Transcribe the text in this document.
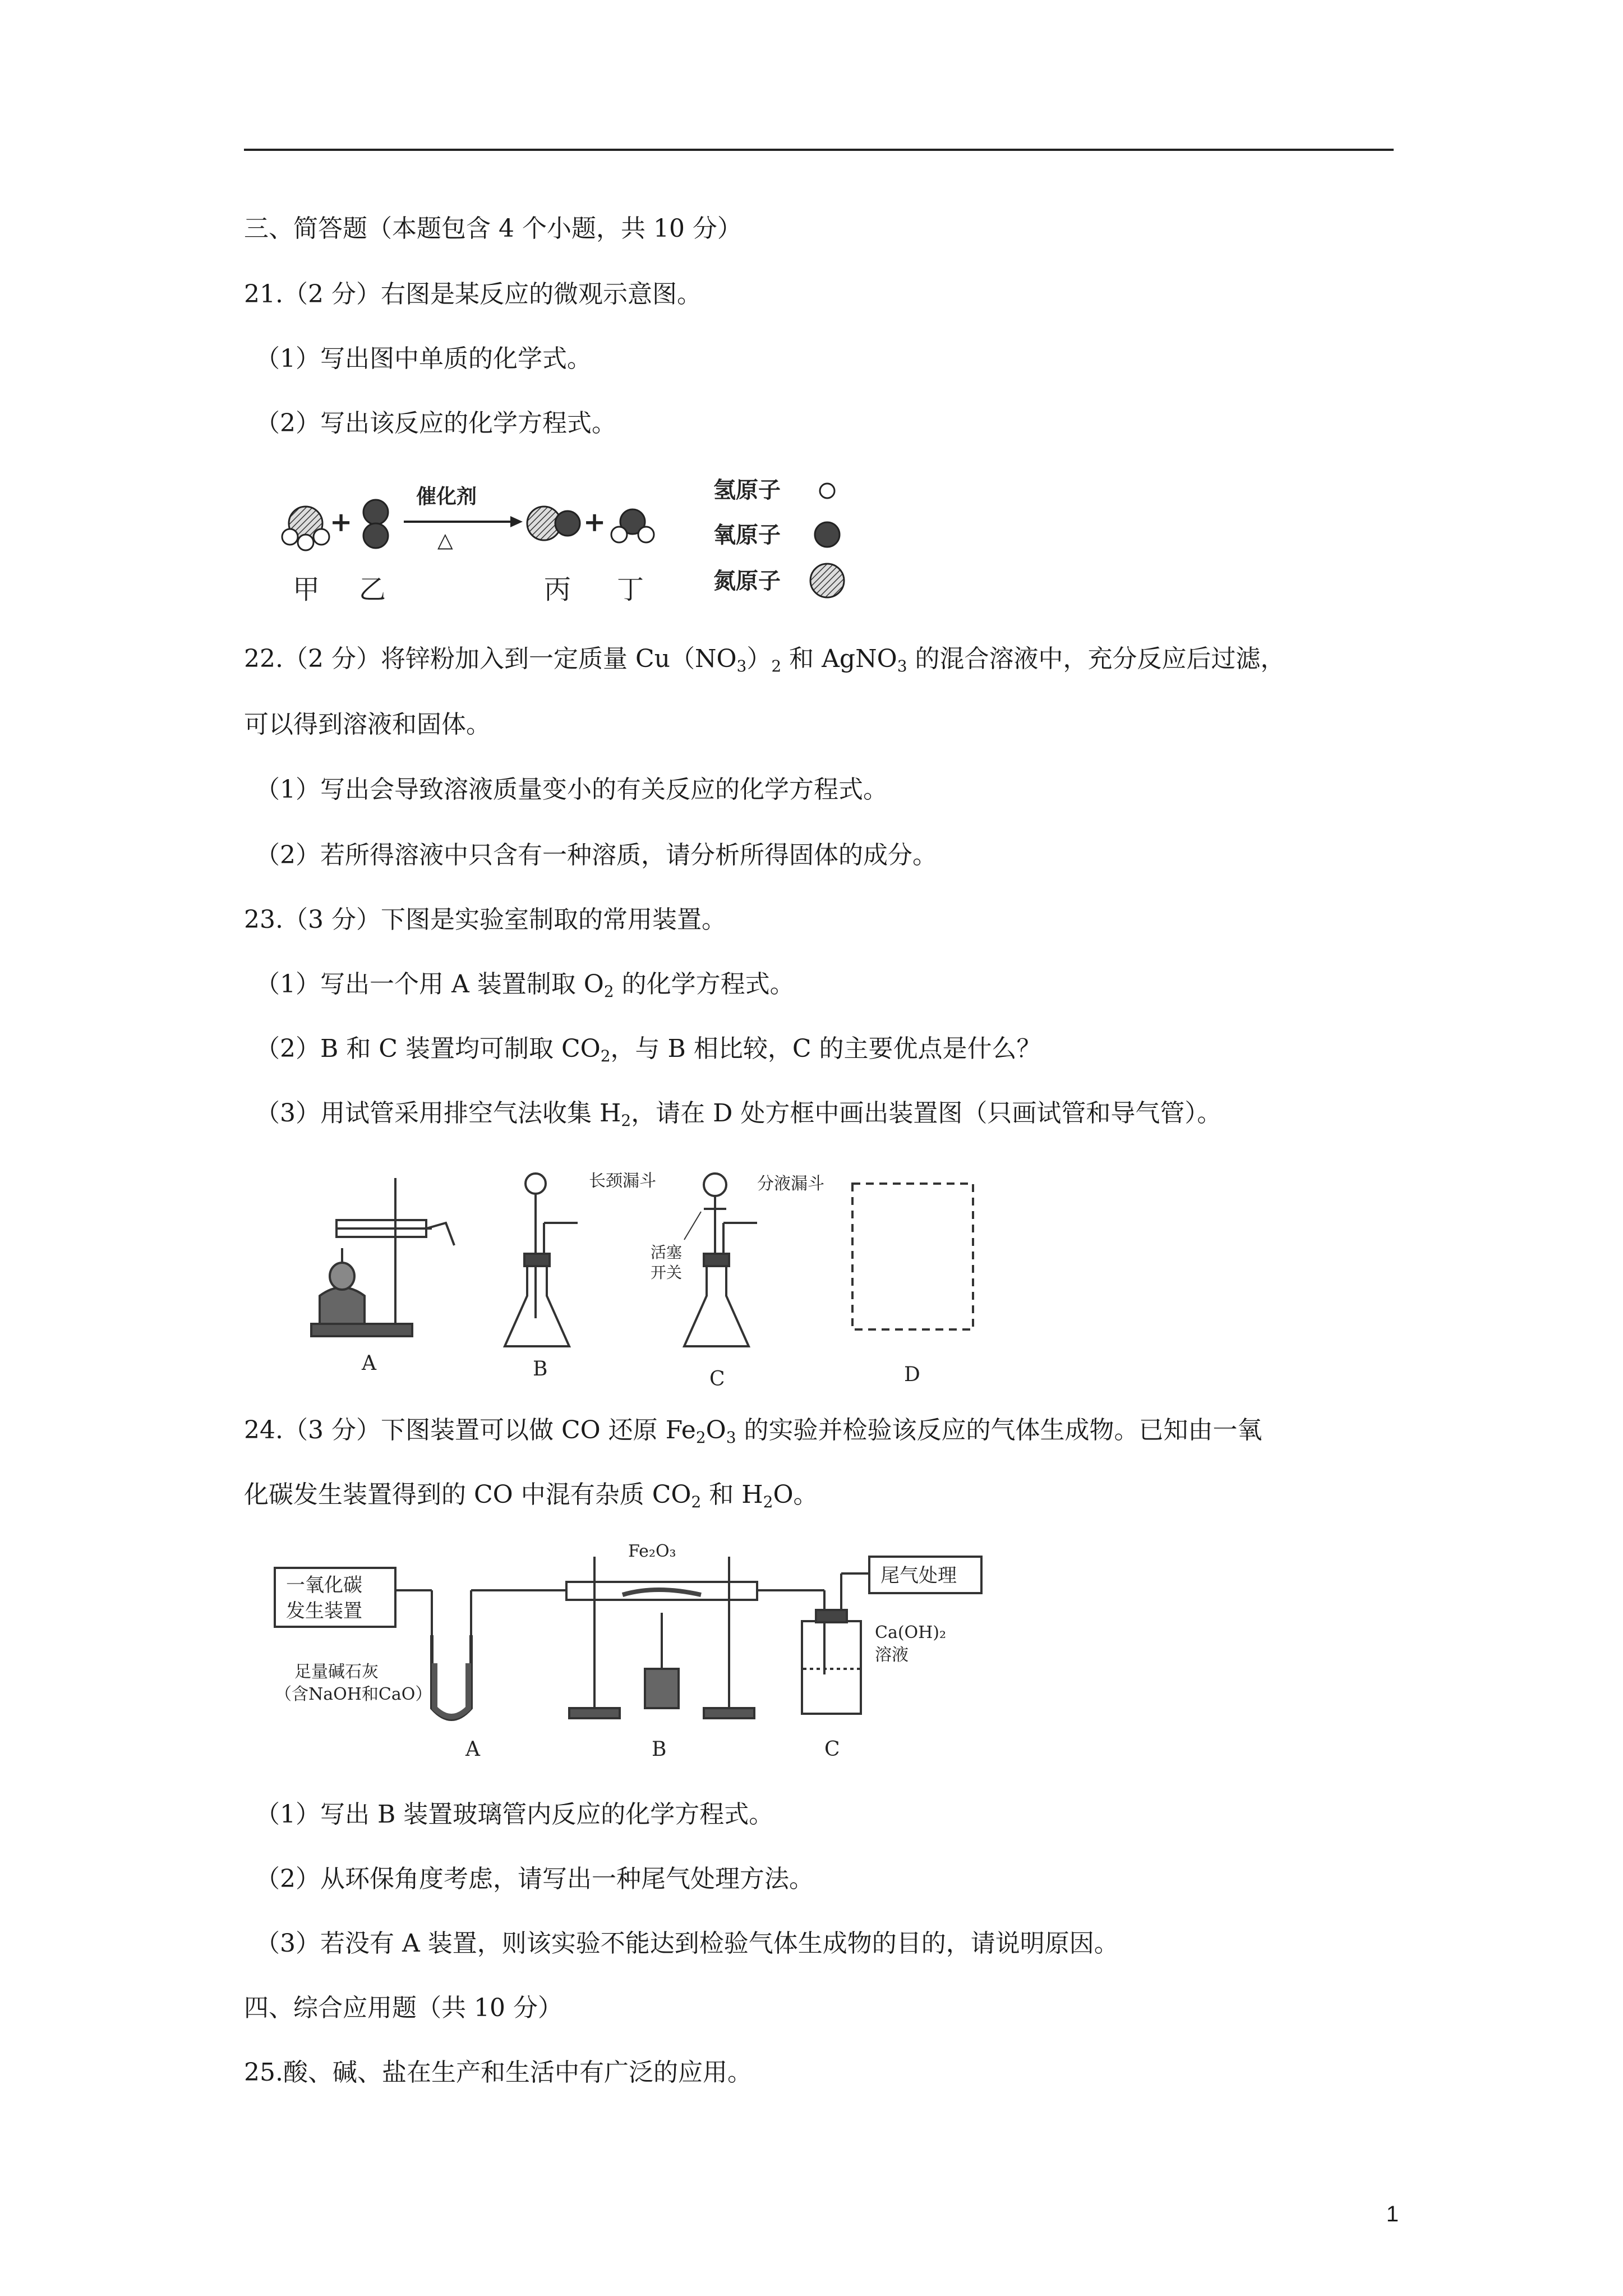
三、简答题（本题包含 4 个小题，共 10 分）
21.（2 分）右图是某反应的微观示意图。
（1）写出图中单质的化学式。
（2）写出该反应的化学方程式。
+
催化剂
△
+
甲 乙	丙 丁
氢原子
氧原子
氮原子
22.（2 分）将锌粉加入到一定质量 $Cu(NO_3)_2$ 和 AgNO$_3$ 的混合溶液中，充分反应后过滤，
可以得到溶液和固体。
（1）写出会导致溶液质量变小的有关反应的化学方程式。
（2）若所得溶液中只含有一种溶质，请分析所得固体的成分。
23.（3 分）下图是实验室制取的常用装置。
（1）写出一个用 A 装置制取 $O_2$ 的化学方程式。
（2）B 和 C 装置均可制取 $CO_2$，与 B 相比较，C 的主要优点是什么？
（3）用试管采用排空气法收集 $H_2$，请在 D 处方框中画出装置图（只画试管和导气管）。
长颈漏斗	分液漏斗
活塞
开关
A	B	C	D
24.（3 分）下图装置可以做 CO 还原 $Fe_2O_3$ 的实验并检验该反应的气体生成物。已知由一氧
化碳发生装置得到的 CO 中混有杂质 $CO_2$ 和 $H_2O$。
一氧化碳
发生装置
Fe₂O₃
尾气处理
足量碱石灰
（含NaOH和CaO）
Ca(OH)₂
溶液
A	B	C
（1）写出 B 装置玻璃管内反应的化学方程式。
（2）从环保角度考虑，请写出一种尾气处理方法。
（3）若没有 A 装置，则该实验不能达到检验气体生成物的目的，请说明原因。
四、综合应用题（共 10 分）
25.酸、碱、盐在生产和生活中有广泛的应用。
1
